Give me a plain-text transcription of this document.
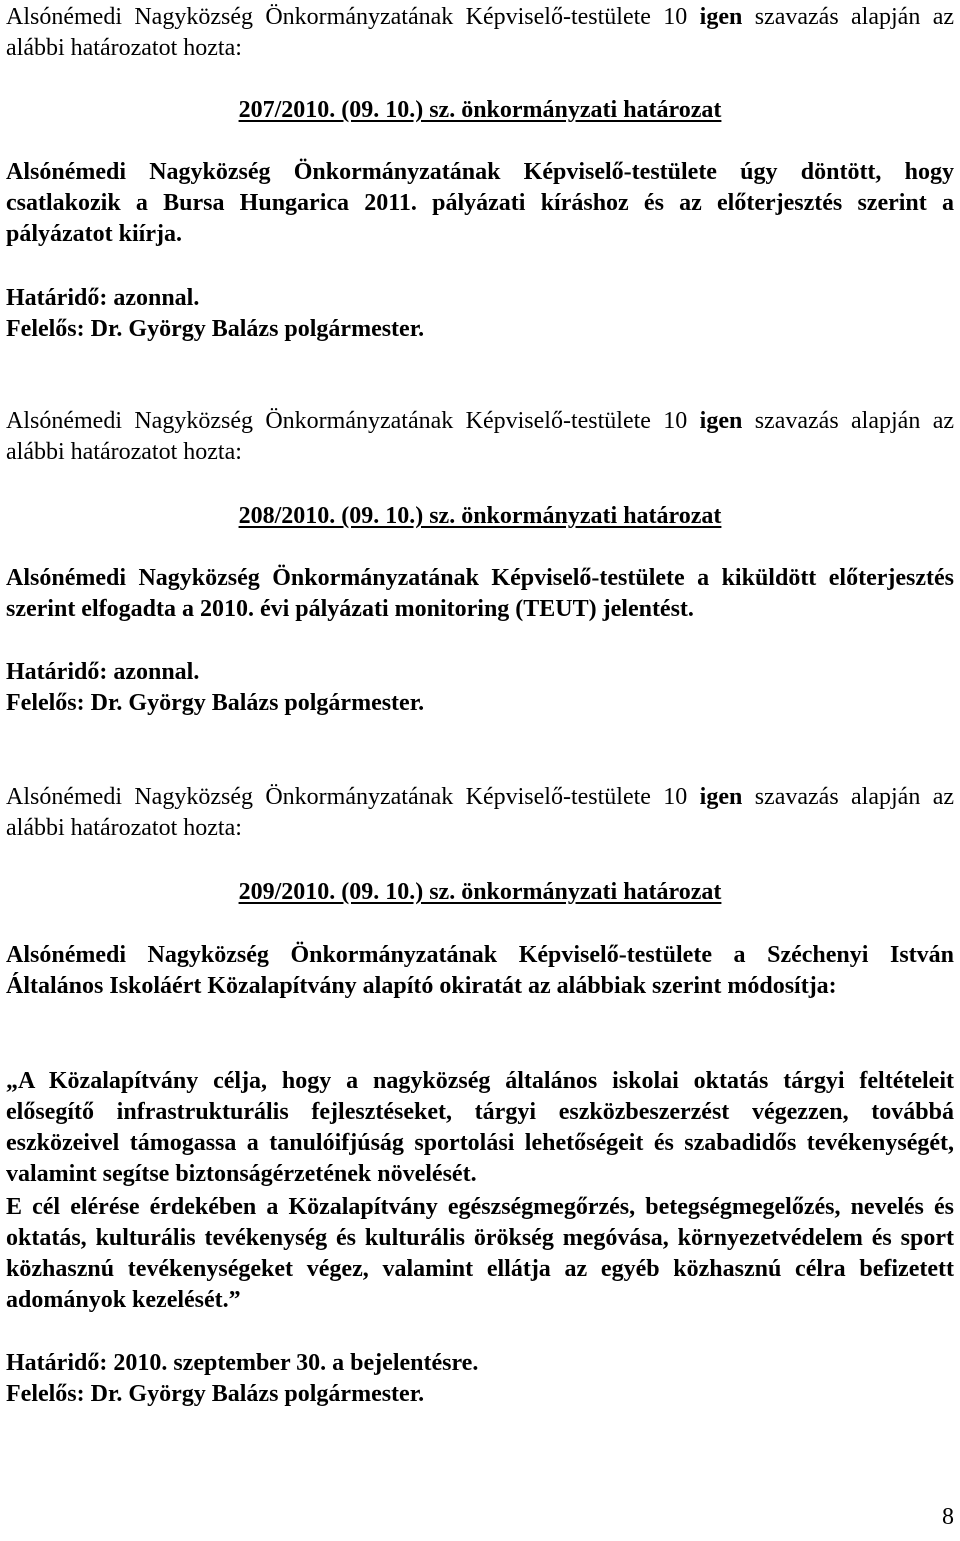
Alsónémedi Nagyközség Önkormányzatának Képviselő-testülete 10 igen szavazás alapján az alábbi határozatot hozta:
207/2010. (09. 10.) sz. önkormányzati határozat
Alsónémedi Nagyközség Önkormányzatának Képviselő-testülete úgy döntött, hogy csatlakozik a Bursa Hungarica 2011. pályázati kíráshoz és az előterjesztés szerint a pályázatot kiírja.
Határidő: azonnal.
Felelős: Dr. György Balázs polgármester.
Alsónémedi Nagyközség Önkormányzatának Képviselő-testülete 10 igen szavazás alapján az alábbi határozatot hozta:
208/2010. (09. 10.) sz. önkormányzati határozat
Alsónémedi Nagyközség Önkormányzatának Képviselő-testülete a kiküldött előterjesztés szerint elfogadta a 2010. évi pályázati monitoring (TEUT) jelentést.
Határidő: azonnal.
Felelős: Dr. György Balázs polgármester.
Alsónémedi Nagyközség Önkormányzatának Képviselő-testülete 10 igen szavazás alapján az alábbi határozatot hozta:
209/2010. (09. 10.) sz. önkormányzati határozat
Alsónémedi Nagyközség Önkormányzatának Képviselő-testülete a Széchenyi István Általános Iskoláért Közalapítvány alapító okiratát az alábbiak szerint módosítja:
„A Közalapítvány célja, hogy a nagyközség általános iskolai oktatás tárgyi feltételeit elősegítő infrastrukturális fejlesztéseket, tárgyi eszközbeszerzést végezzen, továbbá eszközeivel támogassa a tanulóifjúság sportolási lehetőségeit és szabadidős tevékenységét, valamint segítse biztonságérzetének növelését.
E cél elérése érdekében a Közalapítvány egészségmegőrzés, betegségmegelőzés, nevelés és oktatás, kulturális tevékenység és kulturális örökség megóvása, környezetvédelem és sport közhasznú tevékenységeket végez, valamint ellátja az egyéb közhasznú célra befizetett adományok kezelését.”
Határidő: 2010. szeptember 30. a bejelentésre.
Felelős: Dr. György Balázs polgármester.
8
